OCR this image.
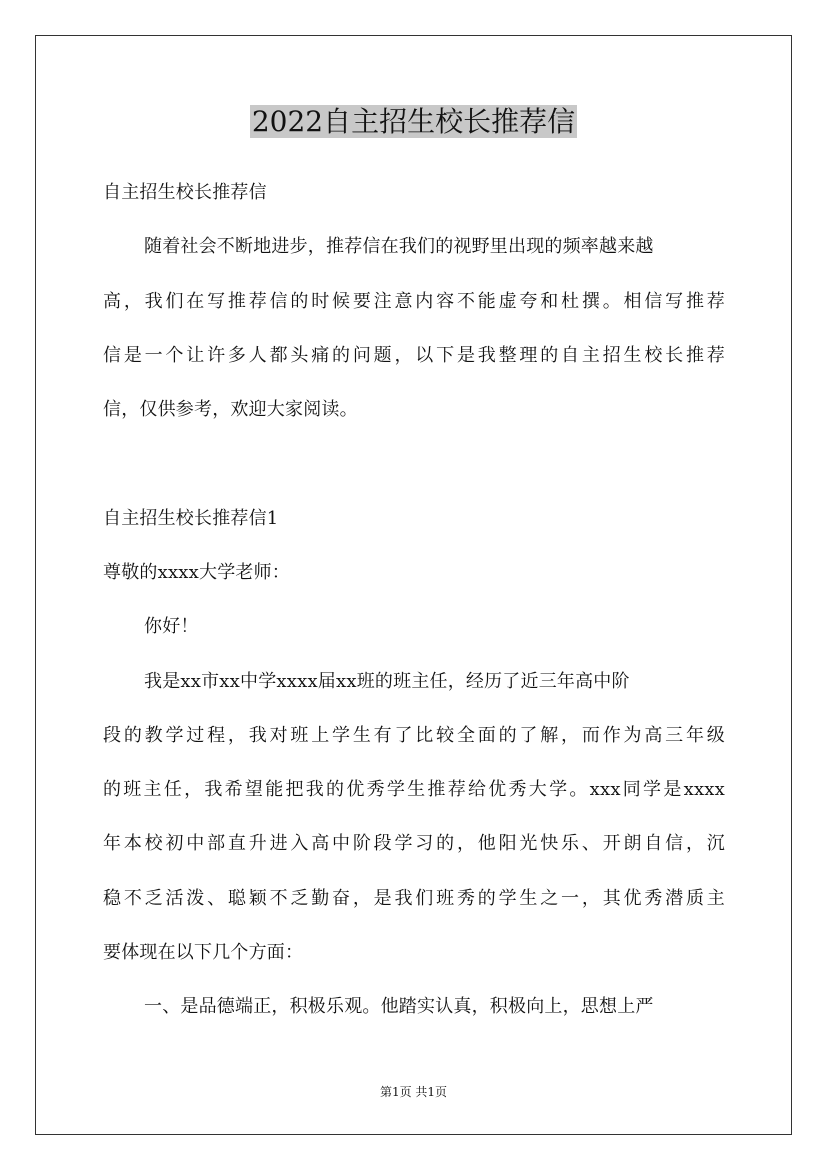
2022自主招生校长推荐信
自主招生校长推荐信
随着社会不断地进步，推荐信在我们的视野里出现的频率越来越
高，我们在写推荐信的时候要注意内容不能虚夸和杜撰。相信写推荐
信是一个让许多人都头痛的问题，以下是我整理的自主招生校长推荐
信，仅供参考，欢迎大家阅读。
自主招生校长推荐信1
尊敬的xxxx大学老师：
你好！
我是xx市xx中学xxxx届xx班的班主任，经历了近三年高中阶
段的教学过程，我对班上学生有了比较全面的了解，而作为高三年级
的班主任，我希望能把我的优秀学生推荐给优秀大学。xxx同学是xxxx
年本校初中部直升进入高中阶段学习的，他阳光快乐、开朗自信，沉
稳不乏活泼、聪颖不乏勤奋，是我们班秀的学生之一，其优秀潜质主
要体现在以下几个方面：
一、是品德端正，积极乐观。他踏实认真，积极向上，思想上严
第1页 共1页
